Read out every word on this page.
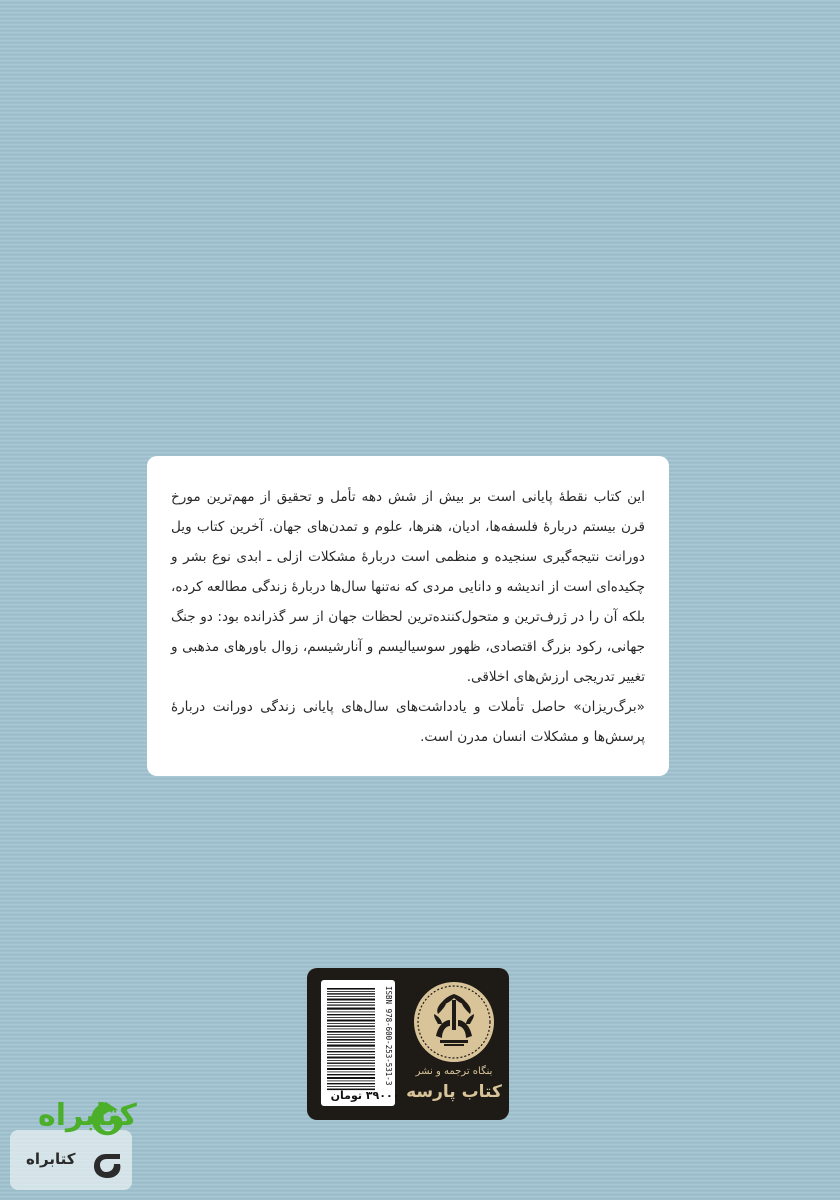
این کتاب نقطهٔ پایانی است بر بیش از شش دهه تأمل و تحقیق از مهم‌ترین مورخ قرن بیستم دربارهٔ فلسفه‌ها، ادیان، هنرها، علوم و تمدن‌های جهان. آخرین کتاب ویل دورانت نتیجه‌گیری سنجیده و منظمی است دربارهٔ مشکلات ازلی ـ ابدی نوع بشر و چکیده‌ای است از اندیشه و دانایی مردی که نه‌تنها سال‌ها دربارهٔ زندگی مطالعه کرده، بلکه آن را در ژرف‌ترین و متحول‌کننده‌ترین لحظات جهان از سر گذرانده بود: دو جنگ جهانی، رکود بزرگ اقتصادی، ظهور سوسیالیسم و آنارشیسم، زوال باورهای مذهبی و تغییر تدریجی ارزش‌های اخلاقی.

«برگ‌ریزان» حاصل تأملات و یادداشت‌های سال‌های پایانی زندگی دورانت دربارهٔ پرسش‌ها و مشکلات انسان مدرن است.

ISBN 978-600-253-531-3
۳۹۰۰۰ تومان
بنگاه ترجمه و نشر
کتاب پارسه
کتابراه
کتابراه
